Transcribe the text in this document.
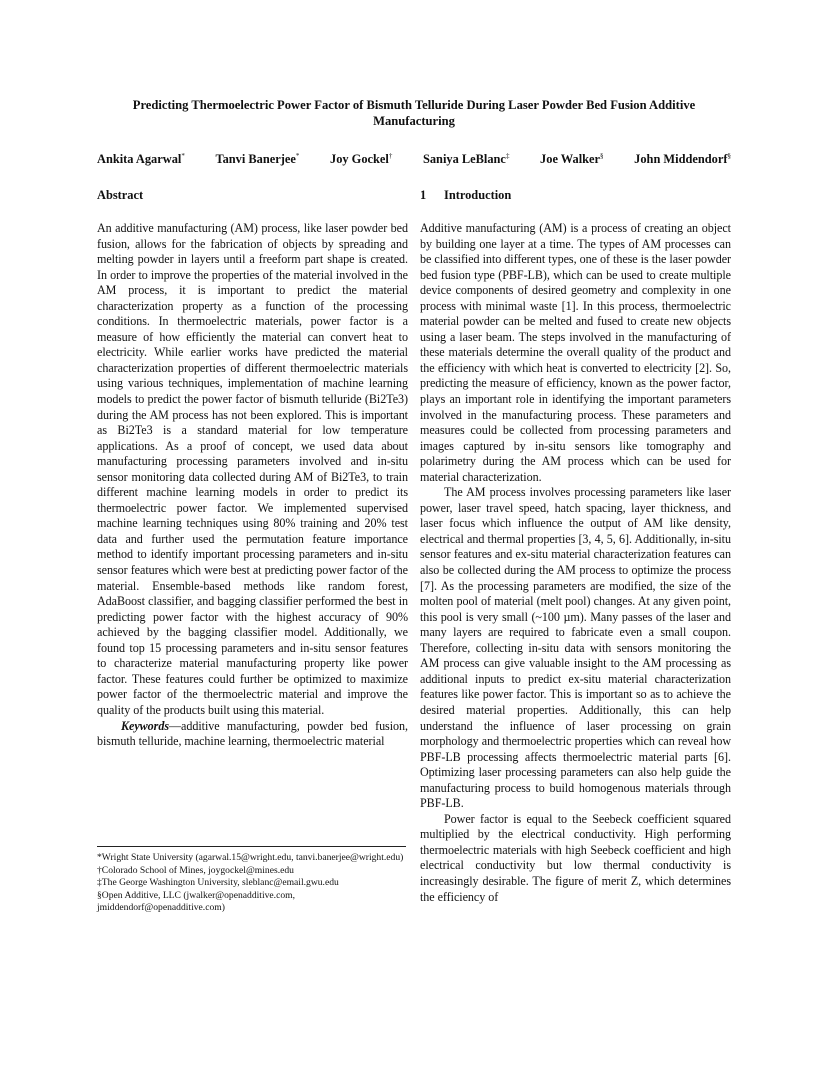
Predicting Thermoelectric Power Factor of Bismuth Telluride During Laser Powder Bed Fusion Additive Manufacturing
Ankita Agarwal* Tanvi Banerjee* Joy Gockel† Saniya LeBlanc‡ Joe Walker§ John Middendorf§
Abstract	1 Introduction

An additive manufacturing (AM) process, like laser powder bed fusion, allows for the fabrication of objects by spreading and melting powder in layers until a freeform part shape is created. In order to improve the properties of the material involved in the AM process, it is important to predict the material characterization property as a function of the processing conditions. In thermoelectric materials, power factor is a measure of how efficiently the material can convert heat to electricity. While earlier works have predicted the material characterization properties of different thermoelectric materials using various techniques, implementation of machine learning models to predict the power factor of bismuth telluride (Bi2Te3) during the AM process has not been explored. This is important as Bi2Te3 is a standard material for low temperature applications. As a proof of concept, we used data about manufacturing processing parameters involved and in-situ sensor monitoring data collected during AM of Bi2Te3, to train different machine learning models in order to predict its thermoelectric power factor. We implemented supervised machine learning techniques using 80% training and 20% test data and further used the permutation feature importance method to identify important processing parameters and in-situ sensor features which were best at predicting power factor of the material. Ensemble-based methods like random forest, AdaBoost classifier, and bagging classifier performed the best in predicting power factor with the highest accuracy of 90% achieved by the bagging classifier model. Additionally, we found top 15 processing parameters and in-situ sensor features to characterize material manufacturing property like power factor. These features could further be optimized to maximize power factor of the thermoelectric material and improve the quality of the products built using this material.

Keywords—additive manufacturing, powder bed fusion, bismuth telluride, machine learning, thermoelectric material

*Wright State University (agarwal.15@wright.edu, tanvi.banerjee@wright.edu)
†Colorado School of Mines, joygockel@mines.edu
‡The George Washington University, sleblanc@email.gwu.edu
§Open Additive, LLC (jwalker@openadditive.com, jmiddendorf@openadditive.com)

Additive manufacturing (AM) is a process of creating an object by building one layer at a time. The types of AM processes can be classified into different types, one of these is the laser powder bed fusion type (PBF-LB), which can be used to create multiple device components of desired geometry and complexity in one process with minimal waste [1]. In this process, thermoelectric material powder can be melted and fused to create new objects using a laser beam. The steps involved in the manufacturing of these materials determine the overall quality of the product and the efficiency with which heat is converted to electricity [2]. So, predicting the measure of efficiency, known as the power factor, plays an important role in identifying the important parameters involved in the manufacturing process. These parameters and measures could be collected from processing parameters and images captured by in-situ sensors like tomography and polarimetry during the AM process which can be used for material characterization.

The AM process involves processing parameters like laser power, laser travel speed, hatch spacing, layer thickness, and laser focus which influence the output of AM like density, electrical and thermal properties [3, 4, 5, 6]. Additionally, in-situ sensor features and ex-situ material characterization features can also be collected during the AM process to optimize the process [7]. As the processing parameters are modified, the size of the molten pool of material (melt pool) changes. At any given point, this pool is very small (~100 µm). Many passes of the laser and many layers are required to fabricate even a small coupon. Therefore, collecting in-situ data with sensors monitoring the AM process can give valuable insight to the AM processing as additional inputs to predict ex-situ material characterization features like power factor. This is important so as to achieve the desired material properties. Additionally, this can help understand the influence of laser processing on grain morphology and thermoelectric properties which can reveal how PBF-LB processing affects thermoelectric material parts [6]. Optimizing laser processing parameters can also help guide the manufacturing process to build homogenous materials through PBF-LB.

Power factor is equal to the Seebeck coefficient squared multiplied by the electrical conductivity. High performing thermoelectric materials with high Seebeck coefficient and high electrical conductivity but low thermal conductivity is increasingly desirable. The figure of merit Z, which determines the efficiency of
